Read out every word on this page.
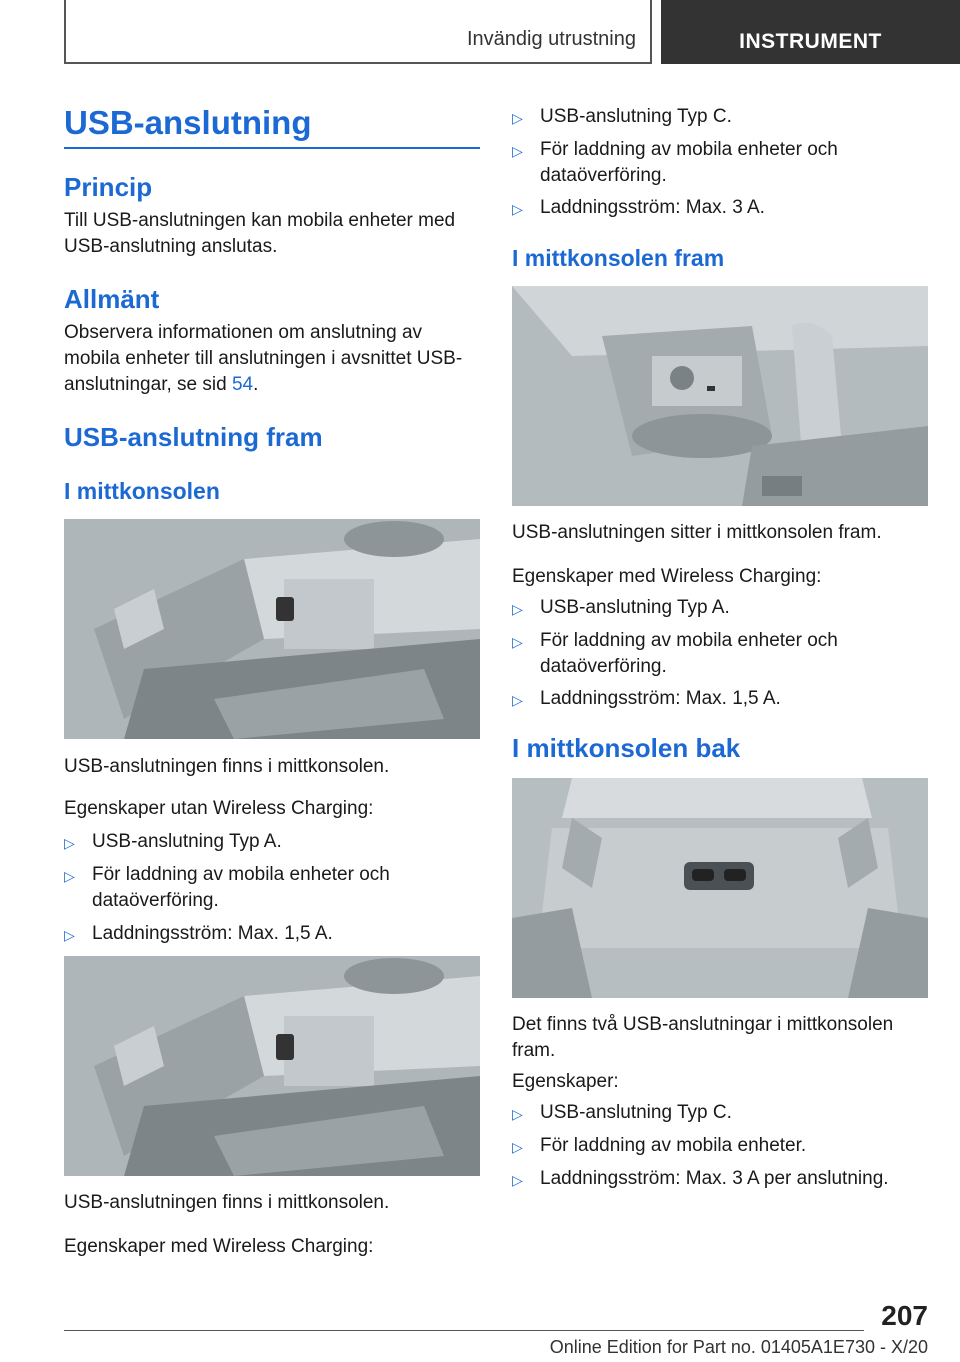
Invändig utrustning	INSTRUMENT
USB-anslutning
Princip
Till USB-anslutningen kan mobila enheter med USB-anslutning anslutas.
Allmänt
Observera informationen om anslutning av mobila enheter till anslutningen i avsnittet USB-anslutningar, se sid 54.
USB-anslutning fram
I mittkonsolen
USB-anslutningen finns i mittkonsolen.
Egenskaper utan Wireless Charging:
▷ USB-anslutning Typ A.
▷ För laddning av mobila enheter och dataöverföring.
▷ Laddningsström: Max. 1,5 A.
USB-anslutningen finns i mittkonsolen.
Egenskaper med Wireless Charging:
▷ USB-anslutning Typ C.
▷ För laddning av mobila enheter och dataöverföring.
▷ Laddningsström: Max. 3 A.
I mittkonsolen fram
USB-anslutningen sitter i mittkonsolen fram.
Egenskaper med Wireless Charging:
▷ USB-anslutning Typ A.
▷ För laddning av mobila enheter och dataöverföring.
▷ Laddningsström: Max. 1,5 A.
I mittkonsolen bak
Det finns två USB-anslutningar i mittkonsolen fram.
Egenskaper:
▷ USB-anslutning Typ C.
▷ För laddning av mobila enheter.
▷ Laddningsström: Max. 3 A per anslutning.
207
Online Edition for Part no. 01405A1E730 - X/20
